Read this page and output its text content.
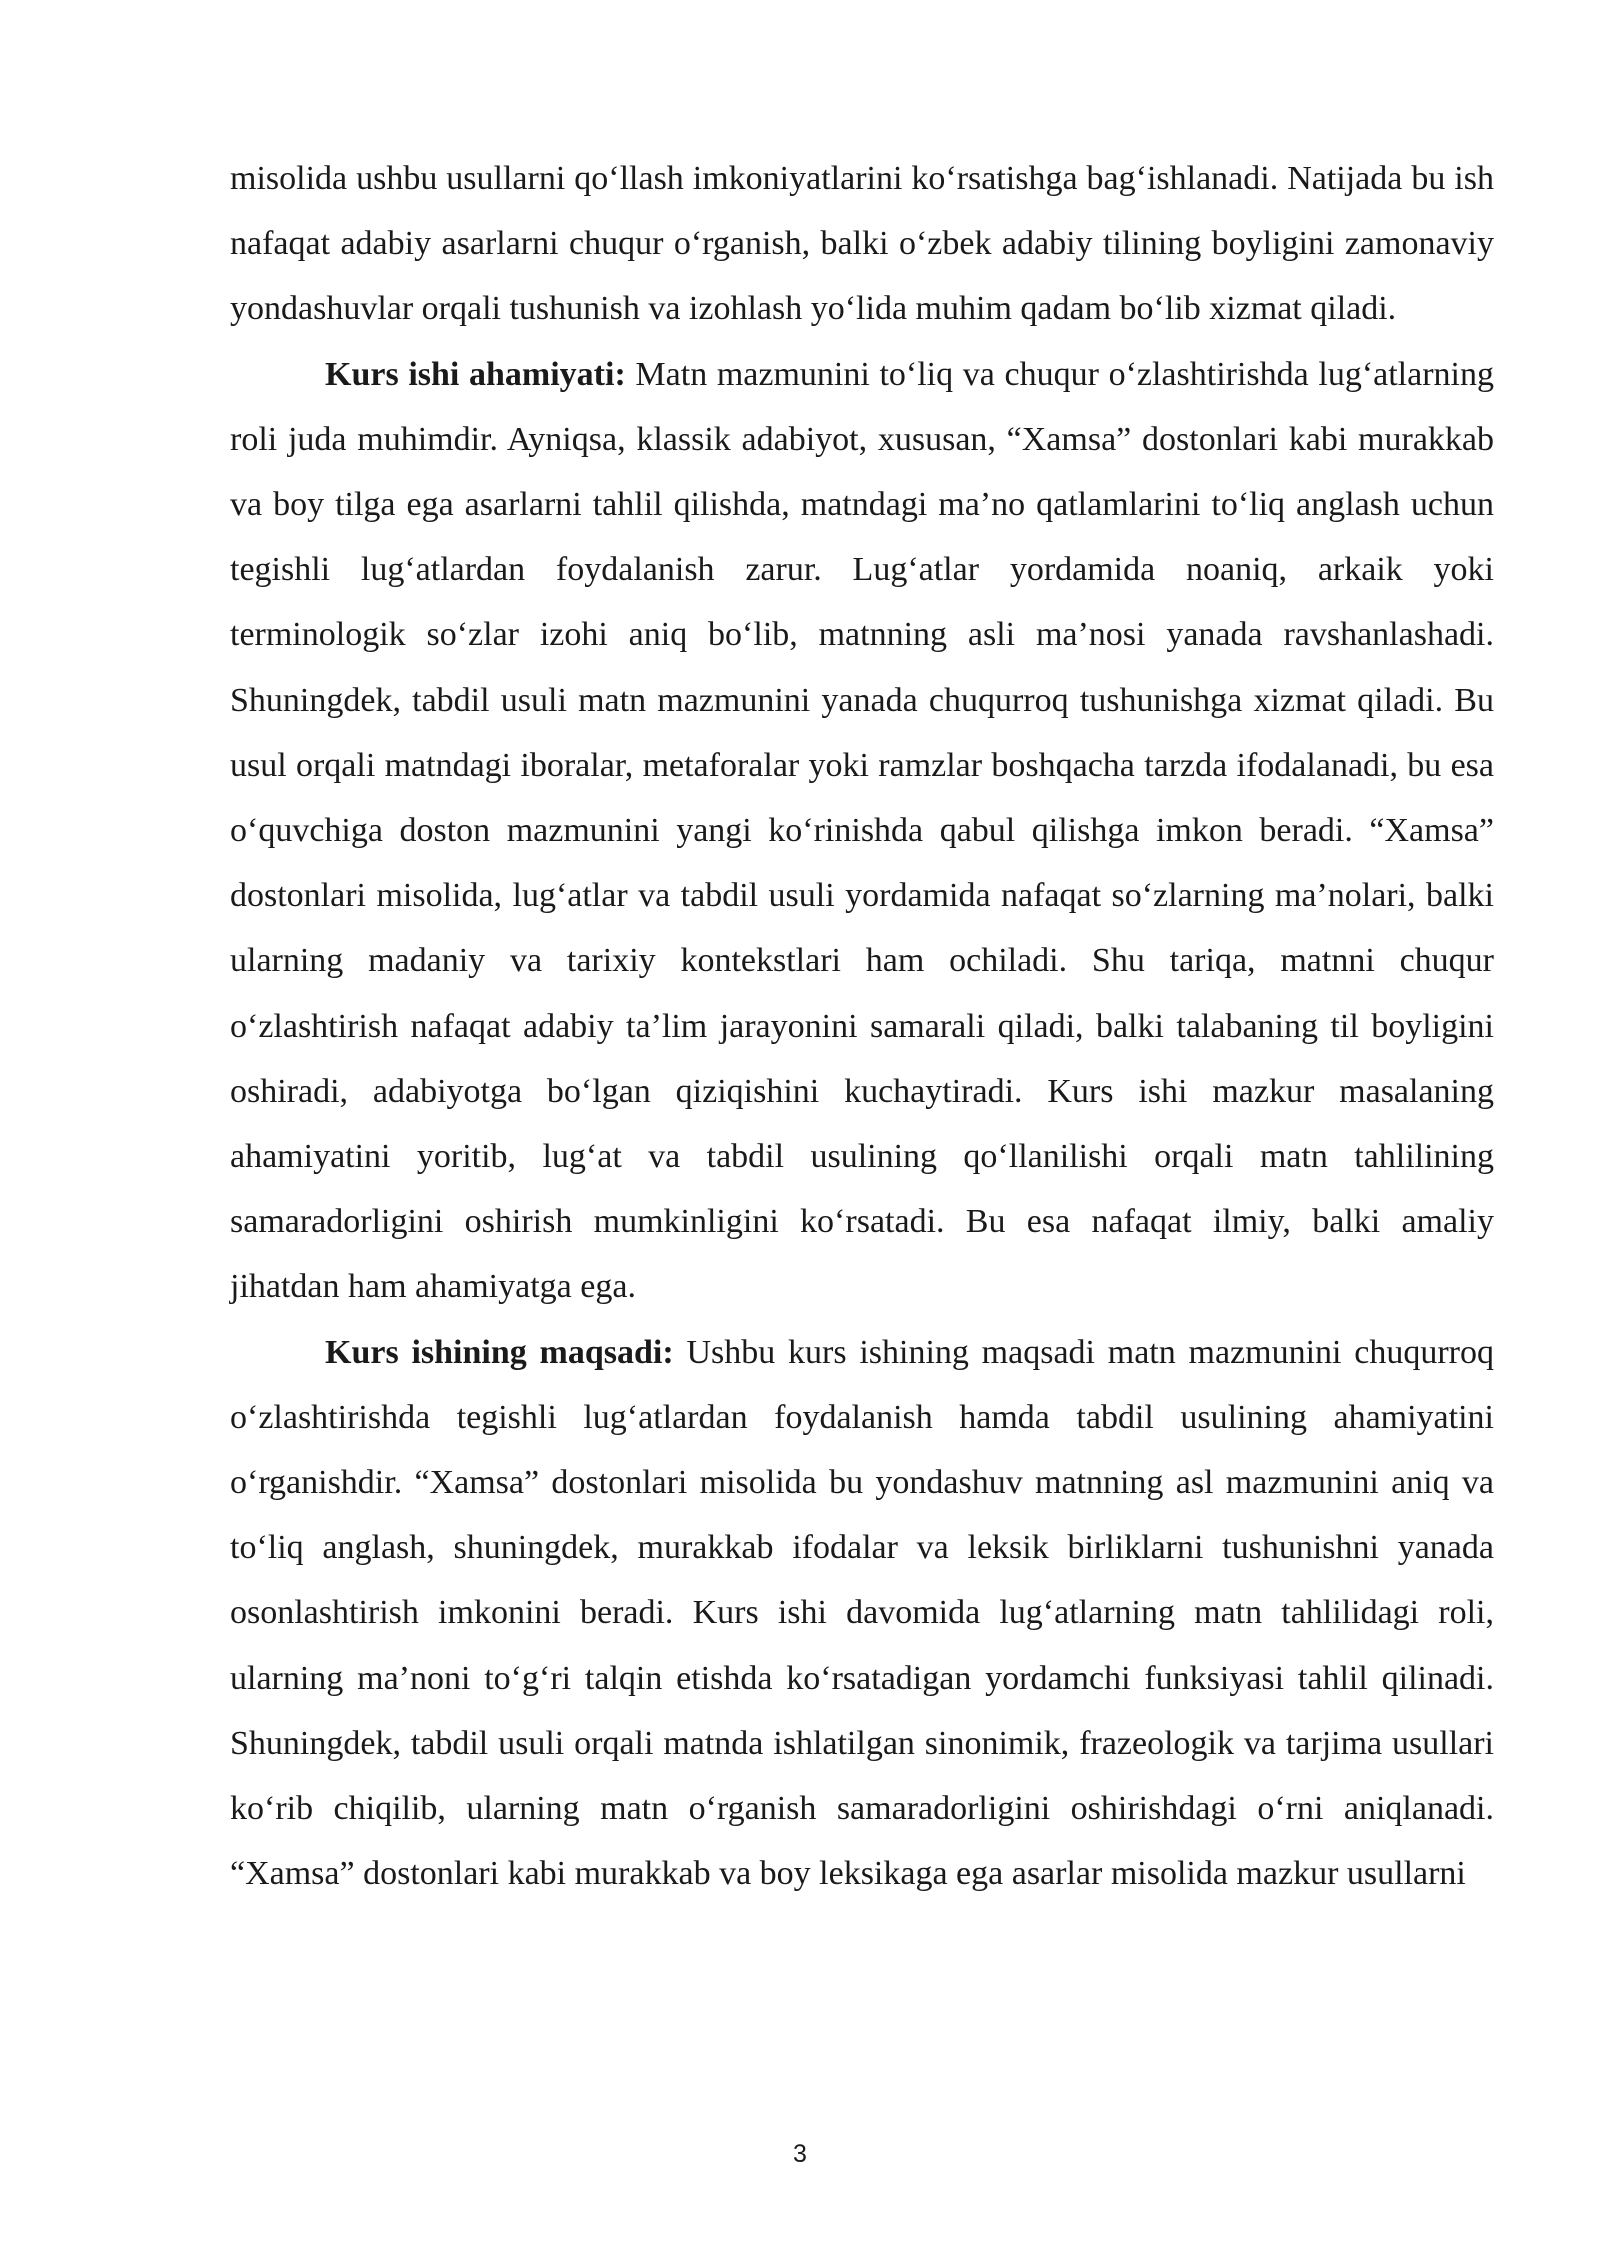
misolida ushbu usullarni qo‘llash imkoniyatlarini ko‘rsatishga bag‘ishlanadi. Natijada bu ish nafaqat adabiy asarlarni chuqur o‘rganish, balki o‘zbek adabiy tilining boyligini zamonaviy yondashuvlar orqali tushunish va izohlash yo‘lida muhim qadam bo‘lib xizmat qiladi.

Kurs ishi ahamiyati: Matn mazmunini to‘liq va chuqur o‘zlashtirishda lug‘atlarning roli juda muhimdir. Ayniqsa, klassik adabiyot, xususan, “Xamsa” dostonlari kabi murakkab va boy tilga ega asarlarni tahlil qilishda, matndagi ma’no qatlamlarini to‘liq anglash uchun tegishli lug‘atlardan foydalanish zarur. Lug‘atlar yordamida noaniq, arkaik yoki terminologik so‘zlar izohi aniq bo‘lib, matnning asli ma’nosi yanada ravshanlashadi. Shuningdek, tabdil usuli matn mazmunini yanada chuqurroq tushunishga xizmat qiladi. Bu usul orqali matndagi iboralar, metaforalar yoki ramzlar boshqacha tarzda ifodalanadi, bu esa o‘quvchiga doston mazmunini yangi ko‘rinishda qabul qilishga imkon beradi. “Xamsa” dostonlari misolida, lug‘atlar va tabdil usuli yordamida nafaqat so‘zlarning ma’nolari, balki ularning madaniy va tarixiy kontekstlari ham ochiladi. Shu tariqa, matnni chuqur o‘zlashtirish nafaqat adabiy ta’lim jarayonini samarali qiladi, balki talabaning til boyligini oshiradi, adabiyotga bo‘lgan qiziqishini kuchaytiradi. Kurs ishi mazkur masalaning ahamiyatini yoritib, lug‘at va tabdil usulining qo‘llanilishi orqali matn tahlilining samaradorligini oshirish mumkinligini ko‘rsatadi. Bu esa nafaqat ilmiy, balki amaliy jihatdan ham ahamiyatga ega.

Kurs ishining maqsadi: Ushbu kurs ishining maqsadi matn mazmunini chuqurroq o‘zlashtirishda tegishli lug‘atlardan foydalanish hamda tabdil usulining ahamiyatini o‘rganishdir. “Xamsa” dostonlari misolida bu yondashuv matnning asl mazmunini aniq va to‘liq anglash, shuningdek, murakkab ifodalar va leksik birliklarni tushunishni yanada osonlashtirish imkonini beradi. Kurs ishi davomida lug‘atlarning matn tahlilidagi roli, ularning ma’noni to‘g‘ri talqin etishda ko‘rsatadigan yordamchi funksiyasi tahlil qilinadi. Shuningdek, tabdil usuli orqali matnda ishlatilgan sinonimik, frazeologik va tarjima usullari ko‘rib chiqilib, ularning matn o‘rganish samaradorligini oshirishdagi o‘rni aniqlanadi. “Xamsa” dostonlari kabi murakkab va boy leksikaga ega asarlar misolida mazkur usullarni

3
